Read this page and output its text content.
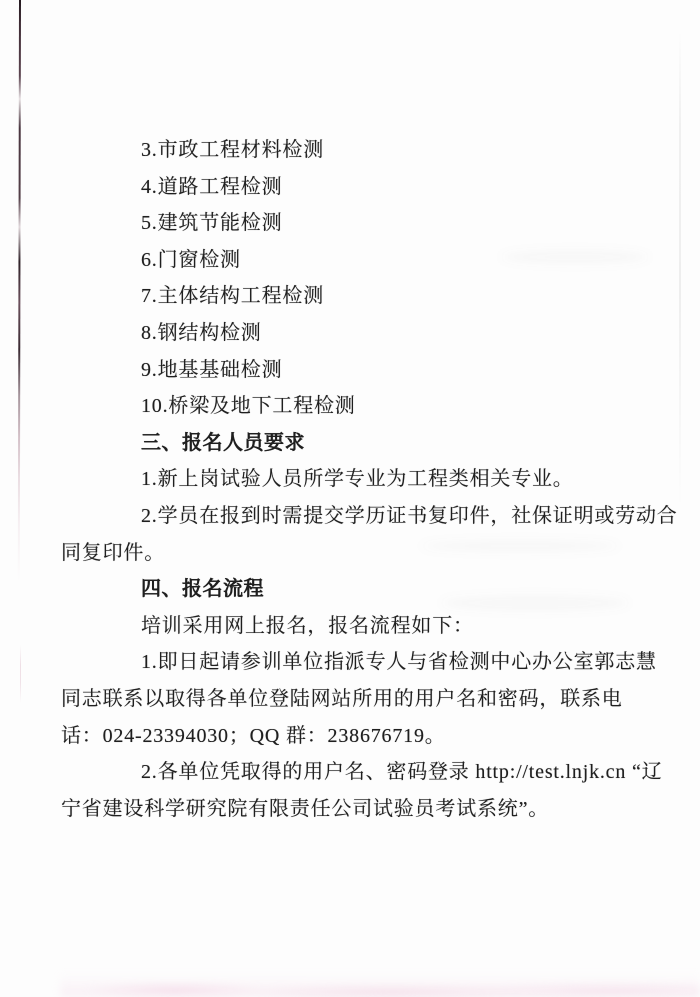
3.市政工程材料检测
4.道路工程检测
5.建筑节能检测
6.门窗检测
7.主体结构工程检测
8.钢结构检测
9.地基基础检测
10.桥梁及地下工程检测
三、报名人员要求
1.新上岗试验人员所学专业为工程类相关专业。
2.学员在报到时需提交学历证书复印件，社保证明或劳动合
同复印件。
四、报名流程
培训采用网上报名，报名流程如下：
1.即日起请参训单位指派专人与省检测中心办公室郭志慧
同志联系以取得各单位登陆网站所用的用户名和密码，联系电
话：024-23394030；QQ 群：238676719。
2.各单位凭取得的用户名、密码登录 http://test.lnjk.cn “辽
宁省建设科学研究院有限责任公司试验员考试系统”。
